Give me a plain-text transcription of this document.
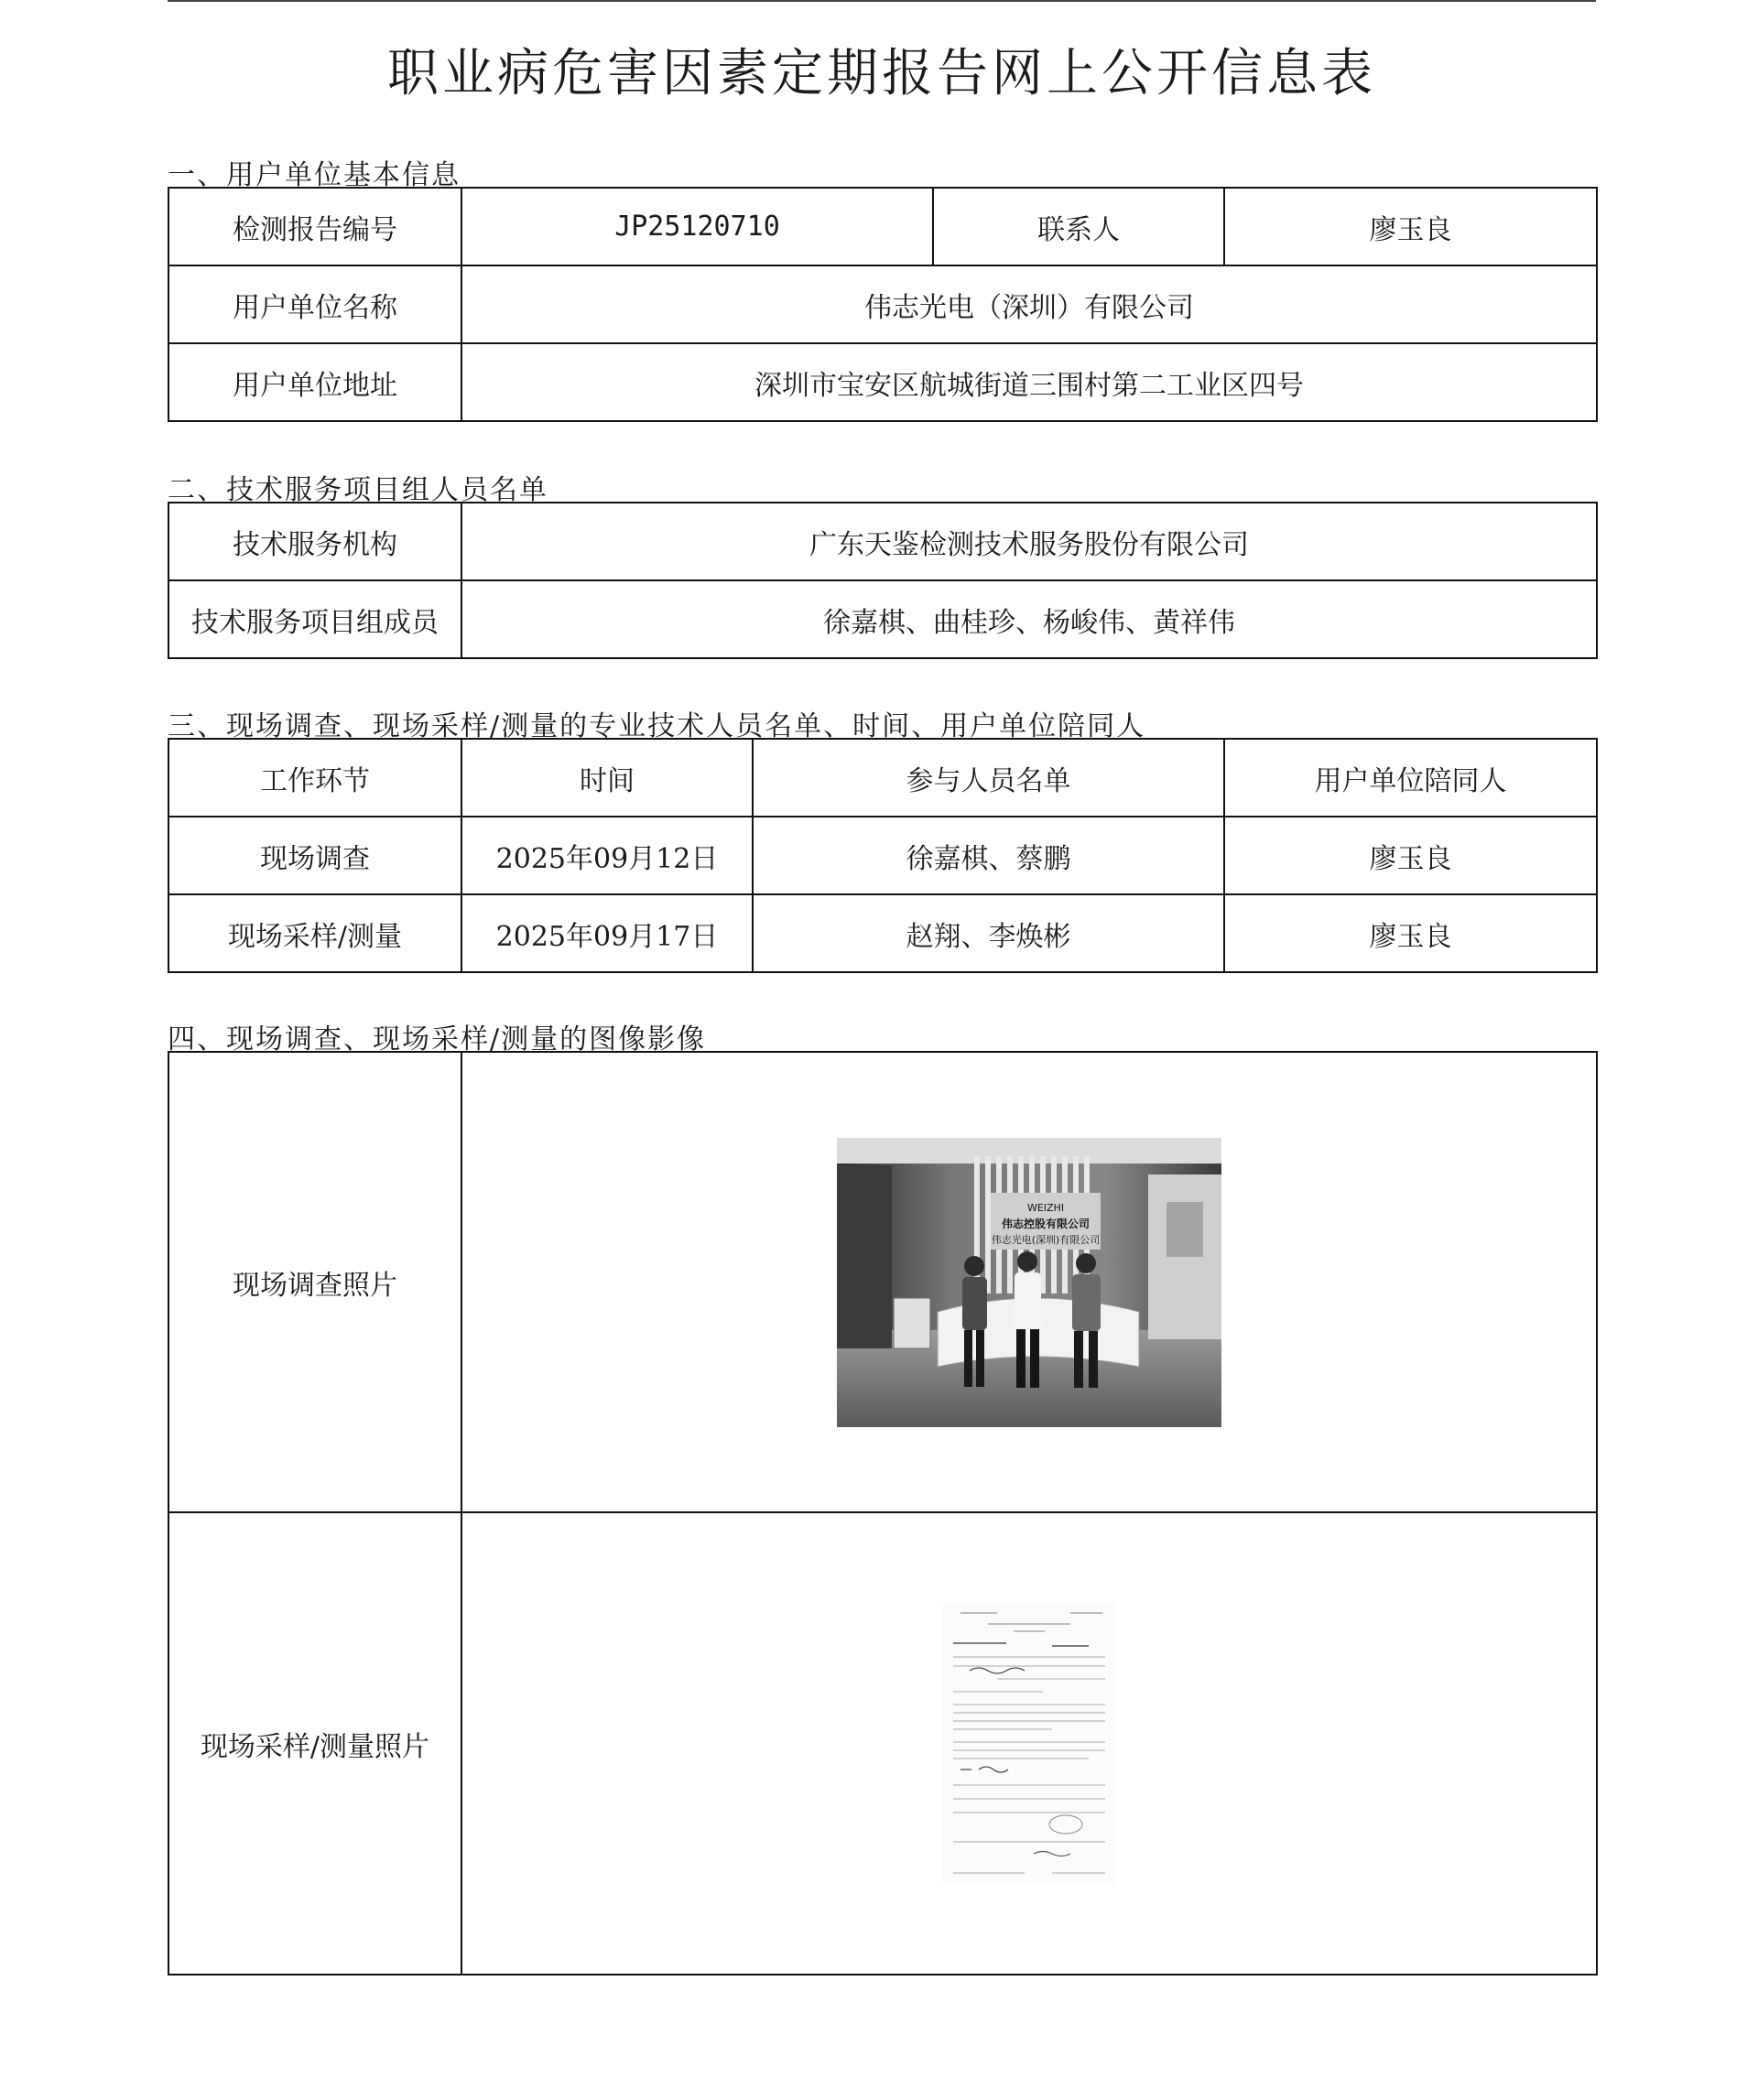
职业病危害因素定期报告网上公开信息表
一、用户单位基本信息
检测报告编号	JP25120710	联系人	廖玉良
用户单位名称	伟志光电（深圳）有限公司		
用户单位地址	深圳市宝安区航城街道三围村第二工业区四号		
二、技术服务项目组人员名单
技术服务机构	广东天鉴检测技术服务股份有限公司
技术服务项目组成员	徐嘉棋、曲桂珍、杨峻伟、黄祥伟
三、现场调查、现场采样/测量的专业技术人员名单、时间、用户单位陪同人
工作环节	时间	参与人员名单	用户单位陪同人
现场调查	2025年09月12日	徐嘉棋、蔡鹏	廖玉良
现场采样/测量	2025年09月17日	赵翔、李焕彬	廖玉良
四、现场调查、现场采样/测量的图像影像
现场调查照片	WEIZHI
伟志控股有限公司
伟志光电(深圳)有限公司

现场采样/测量照片	
